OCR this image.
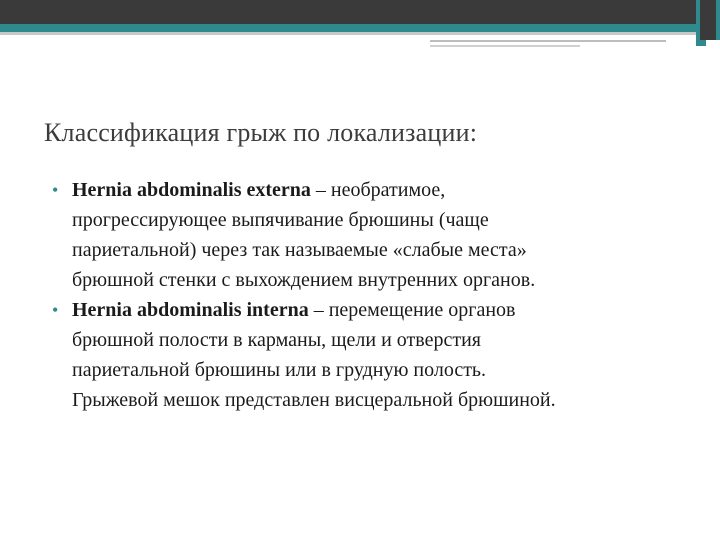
Классификация грыж по локализации:
• Hernia abdominalis externa – необратимое,
прогрессирующее выпячивание брюшины (чаще
париетальной) через так называемые «слабые места»
брюшной стенки с выхождением внутренних органов.
• Hernia abdominalis interna – перемещение органов
брюшной полости в карманы, щели и отверстия
париетальной брюшины или в грудную полость.
Грыжевой мешок представлен висцеральной брюшиной.
